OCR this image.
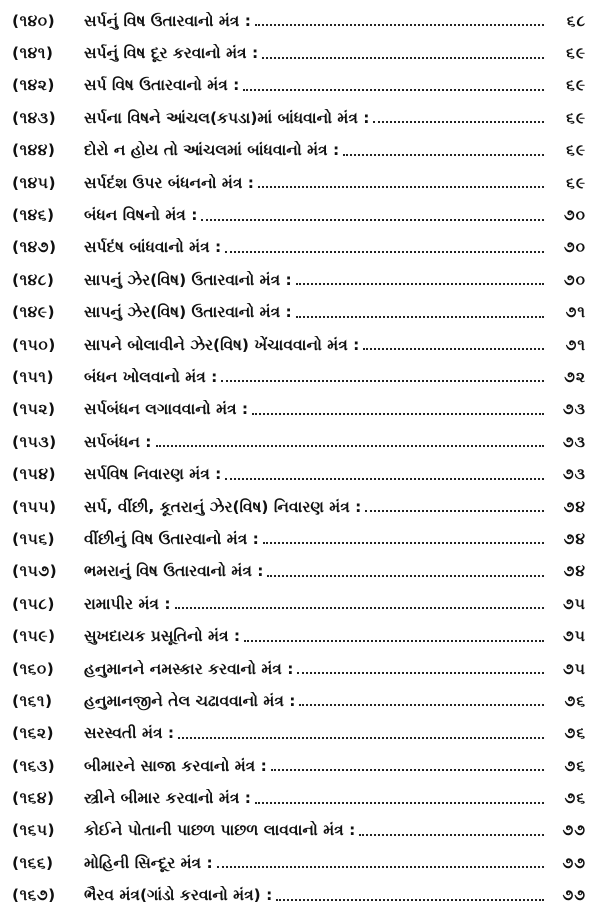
(૧૪૦)	સર્પનું વિષ ઉતારવાનો મંત્ર :	૬૮
(૧૪૧)	સર્પનું વિષ દૂર કરવાનો મંત્ર :	૬૯
(૧૪૨)	સર્પ વિષ ઉતારવાનો મંત્ર :	૬૯
(૧૪૩)	સર્પના વિષને આંચલ(કપડા)માં બાંધવાનો મંત્ર :	૬૯
(૧૪૪)	દોરો ન હોય તો આંચલમાં બાંધવાનો મંત્ર :	૬૯
(૧૪૫)	સર્પદંશ ઉપર બંધનનો મંત્ર :	૬૯
(૧૪૬)	બંધન વિષનો મંત્ર :	૭૦
(૧૪૭)	સર્પદંષ બાંધવાનો મંત્ર :	૭૦
(૧૪૮)	સાપનું ઝેર(વિષ) ઉતારવાનો મંત્ર :	૭૦
(૧૪૯)	સાપનું ઝેર(વિષ) ઉતારવાનો મંત્ર :	૭૧
(૧૫૦)	સાપને બોલાવીને ઝેર(વિષ) ખેંચાવવાનો મંત્ર :	૭૧
(૧૫૧)	બંધન ખોલવાનો મંત્ર :	૭૨
(૧૫૨)	સર્પબંધન લગાવવાનો મંત્ર :	૭૩
(૧૫૩)	સર્પબંધન :	૭૩
(૧૫૪)	સર્પવિષ નિવારણ મંત્ર :	૭૩
(૧૫૫)	સર્પ, વીંછી, કૂતરાનું ઝેર(વિષ) નિવારણ મંત્ર :	૭૪
(૧૫૬)	વીંછીનું વિષ ઉતારવાનો મંત્ર :	૭૪
(૧૫૭)	ભમરાનું વિષ ઉતારવાનો મંત્ર :	૭૪
(૧૫૮)	રામાપીર મંત્ર :	૭૫
(૧૫૯)	સુખદાયક પ્રસૂતિનો મંત્ર :	૭૫
(૧૬૦)	હનુમાનને નમસ્કાર કરવાનો મંત્ર :	૭૫
(૧૬૧)	હનુમાનજીને તેલ ચઢાવવાનો મંત્ર :	૭૬
(૧૬૨)	સરસ્વતી મંત્ર :	૭૬
(૧૬૩)	બીમારને સાજા કરવાનો મંત્ર :	૭૬
(૧૬૪)	સ્ત્રીને બીમાર કરવાનો મંત્ર :	૭૬
(૧૬૫)	કોઈને પોતાની પાછળ પાછળ લાવવાનો મંત્ર :	૭૭
(૧૬૬)	મોહિની સિન્દૂર મંત્ર :	૭૭
(૧૬૭)	ભૈરવ મંત્ર(ગાંડો કરવાનો મંત્ર) :	૭૭
